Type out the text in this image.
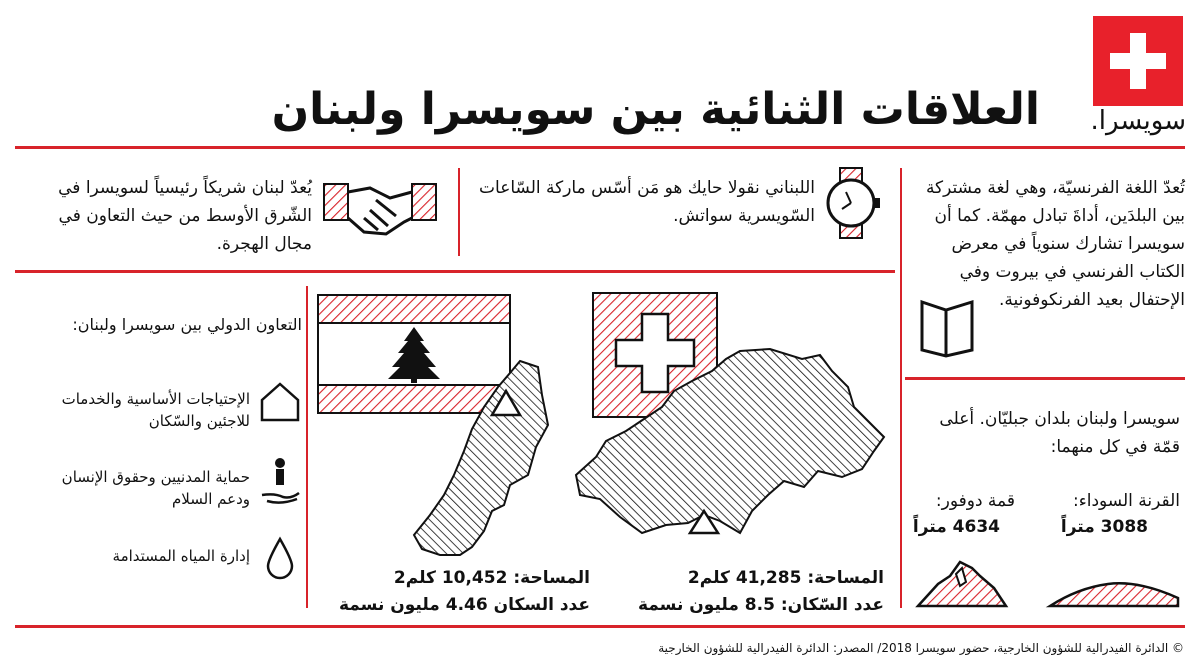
سويسرا.
العلاقات الثنائية بين سويسرا ولبنان
تُعدّ اللغة الفرنسيّة، وهي لغة مشتركة بين البلدَين، أداةَ تبادل مهمّة. كما أن سويسرا تشارك سنوياً في معرض الكتاب الفرنسي في بيروت وفي الإحتفال بعيد الفرنكوفونية.
اللبناني نقولا حايك هو مَن أسّس ماركة السّاعات السّويسرية سواتش.
يُعدّ لبنان شريكاً رئيسياً لسويسرا في الشّرق الأوسط من حيث التعاون في مجال الهجرة.
التعاون الدولي بين سويسرا ولبنان:
الإحتياجات الأساسية والخدمات للاجئين والسّكان
حماية المدنيين وحقوق الإنسان ودعم السلام
إدارة المياه المستدامة
المساحة: 10,452 كلم2
عدد السكان 4.46 مليون نسمة
المساحة: 41,285 كلم2
عدد السّكان: 8.5 مليون نسمة
سويسرا ولبنان بلدان جبليّان. أعلى قمّة في كل منهما:
القرنة السوداء:
3088 متراً
قمة دوفور:
4634 متراً
© الدائرة الفيدرالية للشؤون الخارجية، حضور سويسرا 2018/ المصدر: الدائرة الفيدرالية للشؤون الخارجية
